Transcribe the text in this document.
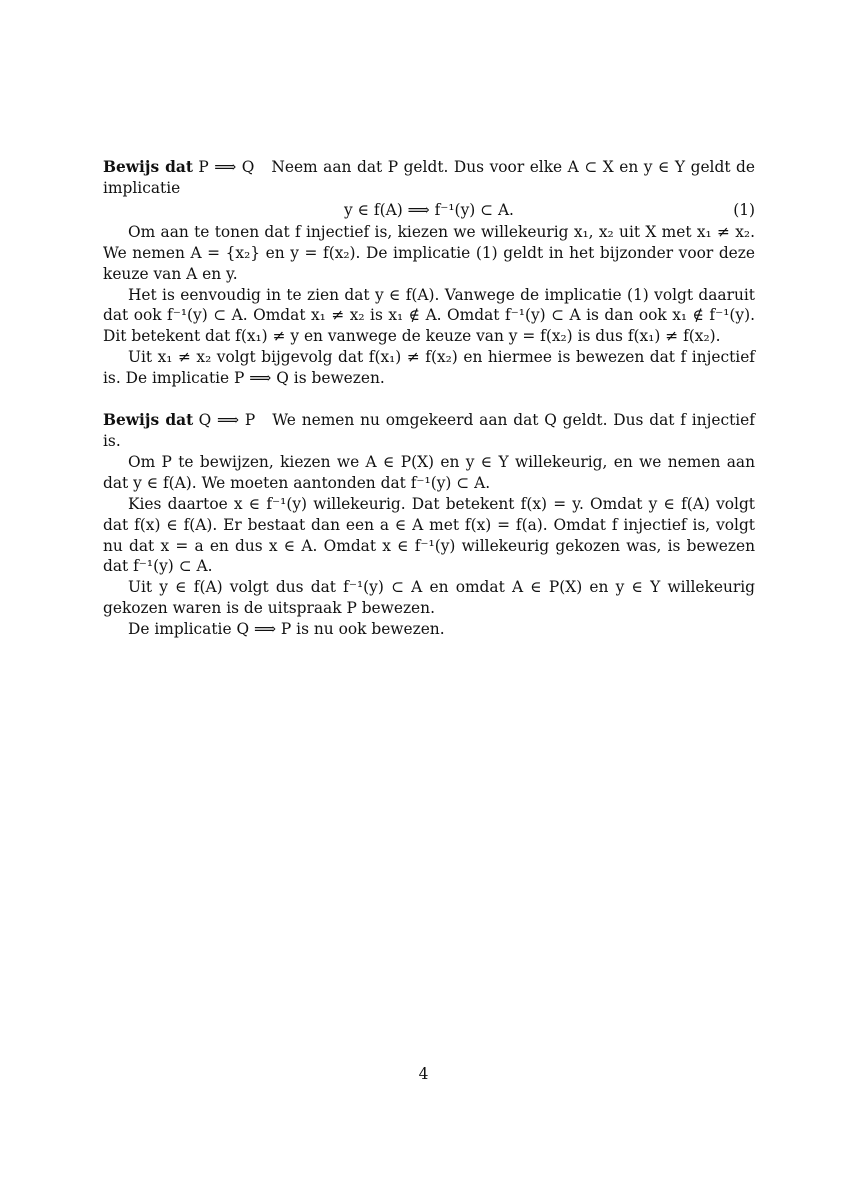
Bewijs dat P ⟹ Q Neem aan dat P geldt. Dus voor elke A ⊂ X en y ∈ Y geldt de implicatie

y ∈ f(A) ⟹ f⁻¹(y) ⊂ A.	(1)

Om aan te tonen dat f injectief is, kiezen we willekeurig x₁, x₂ uit X met x₁ ≠ x₂. We nemen A = {x₂} en y = f(x₂). De implicatie (1) geldt in het bijzonder voor deze keuze van A en y.

Het is eenvoudig in te zien dat y ∈ f(A). Vanwege de implicatie (1) volgt daaruit dat ook f⁻¹(y) ⊂ A. Omdat x₁ ≠ x₂ is x₁ ∉ A. Omdat f⁻¹(y) ⊂ A is dan ook x₁ ∉ f⁻¹(y). Dit betekent dat f(x₁) ≠ y en vanwege de keuze van y = f(x₂) is dus f(x₁) ≠ f(x₂).

Uit x₁ ≠ x₂ volgt bijgevolg dat f(x₁) ≠ f(x₂) en hiermee is bewezen dat f injectief is. De implicatie P ⟹ Q is bewezen.

Bewijs dat Q ⟹ P We nemen nu omgekeerd aan dat Q geldt. Dus dat f injectief is.

Om P te bewijzen, kiezen we A ∈ P(X) en y ∈ Y willekeurig, en we nemen aan dat y ∈ f(A). We moeten aantonden dat f⁻¹(y) ⊂ A.

Kies daartoe x ∈ f⁻¹(y) willekeurig. Dat betekent f(x) = y. Omdat y ∈ f(A) volgt dat f(x) ∈ f(A). Er bestaat dan een a ∈ A met f(x) = f(a). Omdat f injectief is, volgt nu dat x = a en dus x ∈ A. Omdat x ∈ f⁻¹(y) willekeurig gekozen was, is bewezen dat f⁻¹(y) ⊂ A.

Uit y ∈ f(A) volgt dus dat f⁻¹(y) ⊂ A en omdat A ∈ P(X) en y ∈ Y willekeurig gekozen waren is de uitspraak P bewezen.

De implicatie Q ⟹ P is nu ook bewezen.

4
